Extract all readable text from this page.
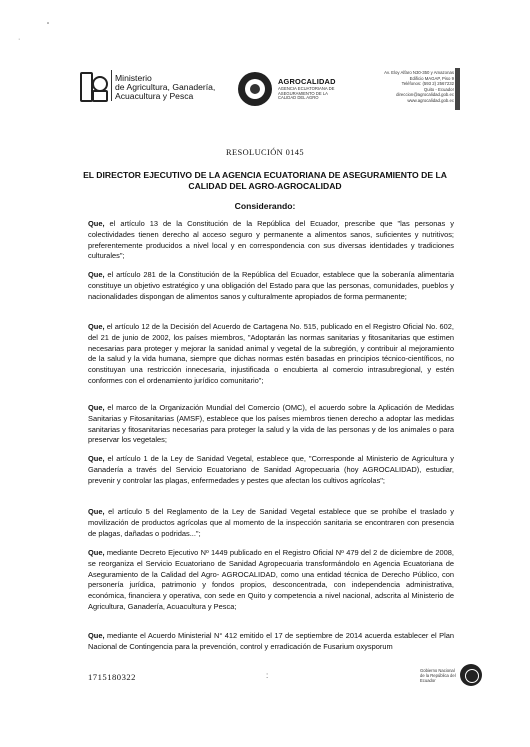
˚
·
Ministerio
de Agricultura, Ganadería,
Acuacultura y Pesca
AGROCALIDAD
AGENCIA ECUATORIANA DE ASEGURAMIENTO DE LA CALIDAD DEL AGRO
Av. Eloy Alfaro N30-350 y Amazonas
Edificio MAGAP, Piso 9
Teléfonos: (593 2) 2567232
Quito - Ecuador
direccion@agrocalidad.gob.ec
www.agrocalidad.gob.ec
RESOLUCIÓN 0145
EL DIRECTOR EJECUTIVO DE LA AGENCIA ECUATORIANA DE ASEGURAMIENTO DE LA
CALIDAD DEL AGRO-AGROCALIDAD
Considerando:

Que, el artículo 13 de la Constitución de la República del Ecuador, prescribe que "las personas y colectividades tienen derecho al acceso seguro y permanente a alimentos sanos, suficientes y nutritivos; preferentemente producidos a nivel local y en correspondencia con sus diversas identidades y tradiciones culturales";

Que, el artículo 281 de la Constitución de la República del Ecuador, establece que la soberanía alimentaria constituye un objetivo estratégico y una obligación del Estado para que las personas, comunidades, pueblos y nacionalidades dispongan de alimentos sanos y culturalmente apropiados de forma permanente;

Que, el artículo 12 de la Decisión del Acuerdo de Cartagena No. 515, publicado en el Registro Oficial No. 602, del 21 de junio de 2002, los países miembros, "Adoptarán las normas sanitarias y fitosanitarias que estimen necesarias para proteger y mejorar la sanidad animal y vegetal de la subregión, y contribuir al mejoramiento de la salud y la vida humana, siempre que dichas normas estén basadas en principios técnico-científicos, no constituyan una restricción innecesaria, injustificada o encubierta al comercio intrasubregional, y estén conformes con el ordenamiento jurídico comunitario";

Que, el marco de la Organización Mundial del Comercio (OMC), el acuerdo sobre la Aplicación de Medidas Sanitarias y Fitosanitarias (AMSF), establece que los países miembros tienen derecho a adoptar las medidas sanitarias y fitosanitarias necesarias para proteger la salud y la vida de las personas y de los animales o para preservar los vegetales;

Que, el artículo 1 de la Ley de Sanidad Vegetal, establece que, "Corresponde al Ministerio de Agricultura y Ganadería a través del Servicio Ecuatoriano de Sanidad Agropecuaria (hoy AGROCALIDAD), estudiar, prevenir y controlar las plagas, enfermedades y pestes que afectan los cultivos agrícolas";

Que, el artículo 5 del Reglamento de la Ley de Sanidad Vegetal establece que se prohíbe el traslado y movilización de productos agrícolas que al momento de la inspección sanitaria se encontraren con presencia de plagas, dañadas o podridas...";

Que, mediante Decreto Ejecutivo Nº 1449 publicado en el Registro Oficial Nº 479 del 2 de diciembre de 2008, se reorganiza el Servicio Ecuatoriano de Sanidad Agropecuaria transformándolo en Agencia Ecuatoriana de Aseguramiento de la Calidad del Agro- AGROCALIDAD, como una entidad técnica de Derecho Público, con personería jurídica, patrimonio y fondos propios, desconcentrada, con independencia administrativa, económica, financiera y operativa, con sede en Quito y competencia a nivel nacional, adscrita al Ministerio de Agricultura, Ganadería, Acuacultura y Pesca;

Que, mediante el Acuerdo Ministerial N° 412 emitido el 17 de septiembre de 2014 acuerda establecer el Plan Nacional de Contingencia para la prevención, control y erradicación de Fusarium oxysporum

1715180322	:
Gobierno Nacional de la República del Ecuador
